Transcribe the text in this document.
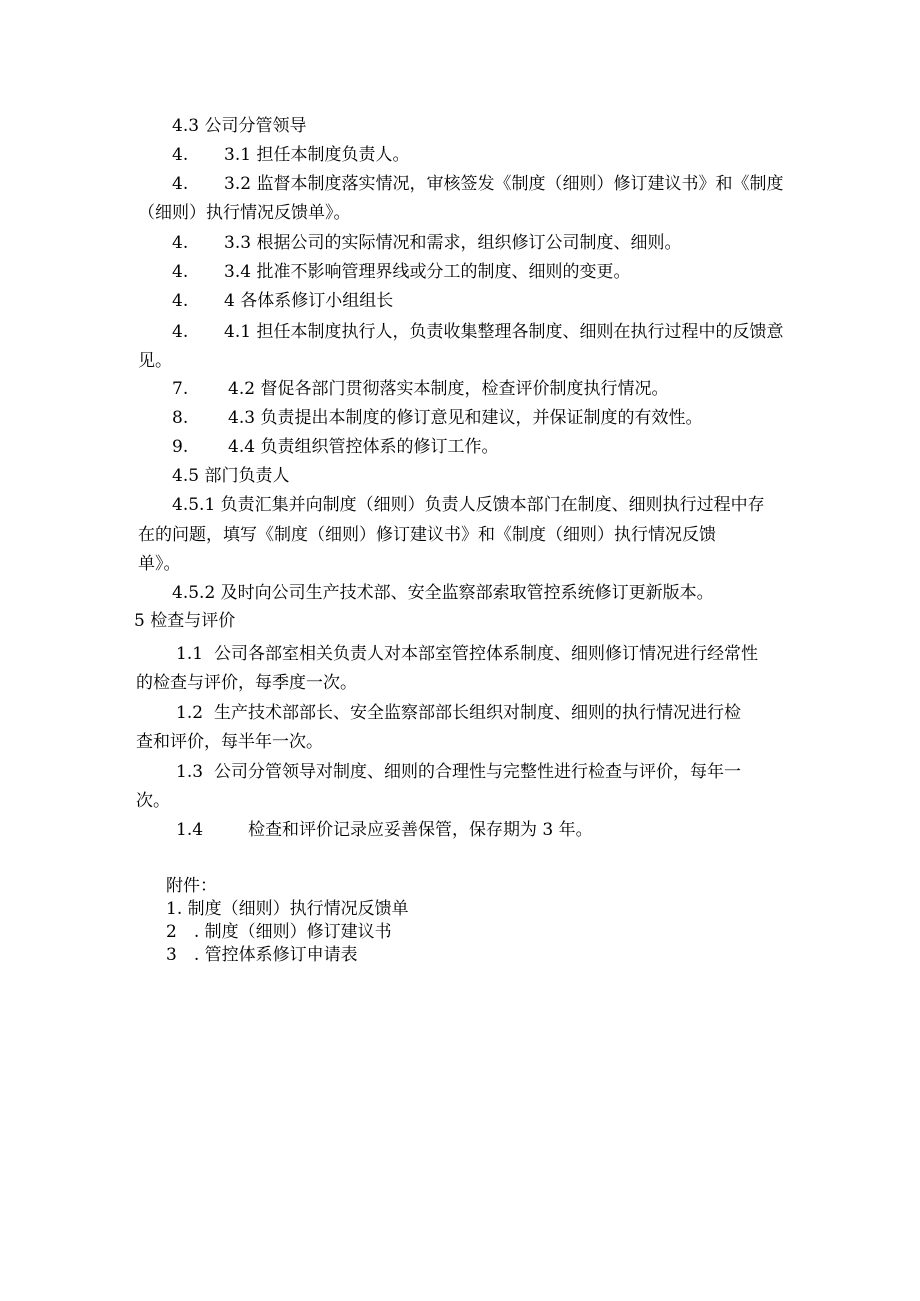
4.3 公司分管领导
4. 3.1 担任本制度负责人。
4. 3.2 监督本制度落实情况，审核签发《制度（细则）修订建议书》和《制度
（细则）执行情况反馈单》。
4. 3.3 根据公司的实际情况和需求，组织修订公司制度、细则。
4. 3.4 批准不影响管理界线或分工的制度、细则的变更。
4. 4 各体系修订小组组长
4. 4.1 担任本制度执行人，负责收集整理各制度、细则在执行过程中的反馈意
见。
7. 4.2 督促各部门贯彻落实本制度，检查评价制度执行情况。
8. 4.3 负责提出本制度的修订意见和建议，并保证制度的有效性。
9. 4.4 负责组织管控体系的修订工作。
4.5 部门负责人
4.5.1 负责汇集并向制度（细则）负责人反馈本部门在制度、细则执行过程中存
在的问题，填写《制度（细则）修订建议书》和《制度（细则）执行情况反馈
单》。
4.5.2 及时向公司生产技术部、安全监察部索取管控系统修订更新版本。
5 检查与评价
1.1 公司各部室相关负责人对本部室管控体系制度、细则修订情况进行经常性
的检查与评价，每季度一次。
1.2 生产技术部部长、安全监察部部长组织对制度、细则的执行情况进行检
查和评价，每半年一次。
1.3 公司分管领导对制度、细则的合理性与完整性进行检查与评价，每年一
次。
1.4	检查和评价记录应妥善保管，保存期为 3 年。
附件：
1. 制度（细则）执行情况反馈单
2　. 制度（细则）修订建议书
3　. 管控体系修订申请表
